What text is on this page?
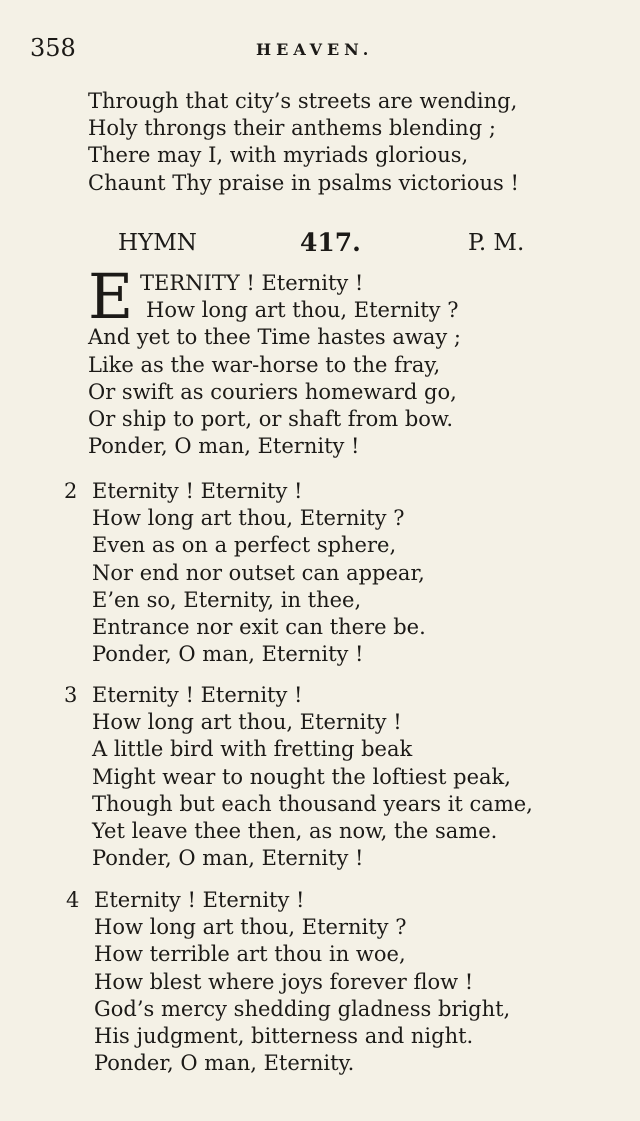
358	HEAVEN.
Through that city’s streets are wending,
Holy throngs their anthems blending ;
There may I, with myriads glorious,
Chaunt Thy praise in psalms victorious !
HYMN	417.	P. M.
E TERNITY ! Eternity !
How long art thou, Eternity ?
And yet to thee Time hastes away ;
Like as the war-horse to the fray,
Or swift as couriers homeward go,
Or ship to port, or shaft from bow.
Ponder, O man, Eternity !
2 Eternity ! Eternity !
How long art thou, Eternity ?
Even as on a perfect sphere,
Nor end nor outset can appear,
E’en so, Eternity, in thee,
Entrance nor exit can there be.
Ponder, O man, Eternity !
3 Eternity ! Eternity !
How long art thou, Eternity !
A little bird with fretting beak
Might wear to nought the loftiest peak,
Though but each thousand years it came,
Yet leave thee then, as now, the same.
Ponder, O man, Eternity !
4 Eternity ! Eternity !
How long art thou, Eternity ?
How terrible art thou in woe,
How blest where joys forever flow !
God’s mercy shedding gladness bright,
His judgment, bitterness and night.
Ponder, O man, Eternity.
